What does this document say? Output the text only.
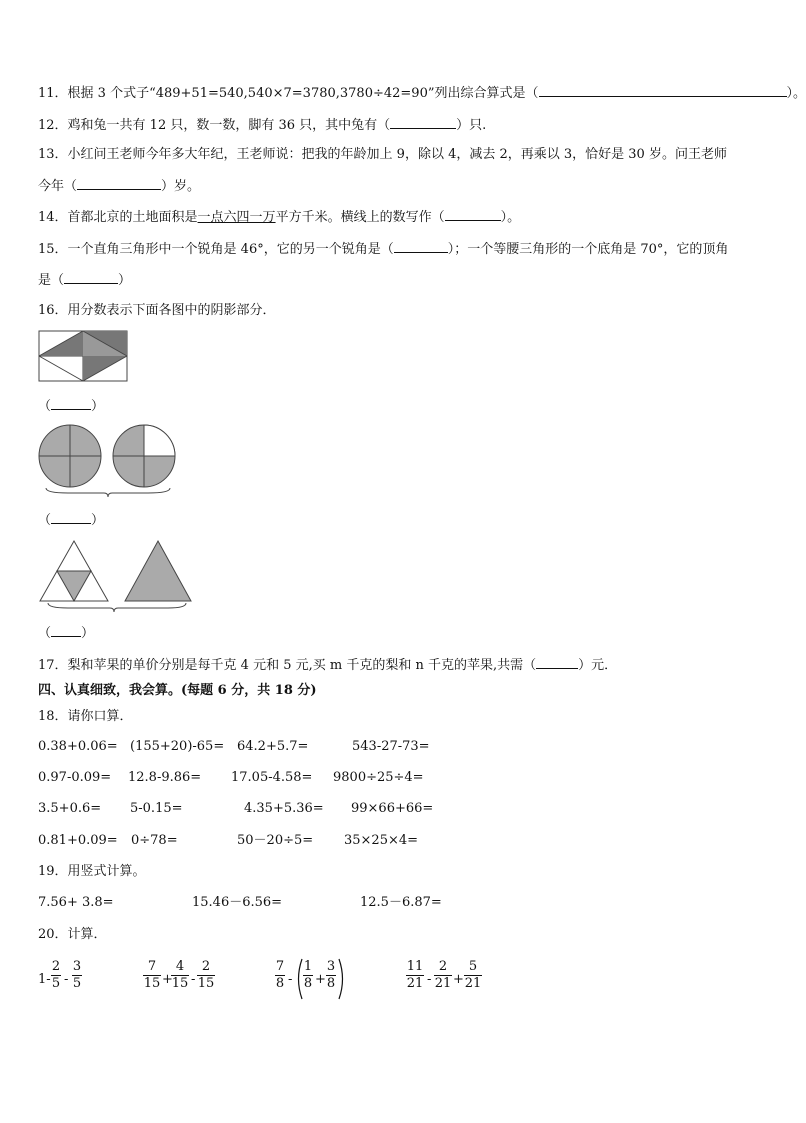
11．根据 3 个式子“489+51=540,540×7=3780,3780÷42=90”列出综合算式是（	）。
12．鸡和兔一共有 12 只，数一数，脚有 36 只，其中兔有（	）只.
13．小红问王老师今年多大年纪，王老师说：把我的年龄加上 9，除以 4，减去 2，再乘以 3，恰好是 30 岁。问王老师
今年（	）岁。
14．首都北京的土地面积是一点六四一万平方千米。横线上的数写作（	）。
15．一个直角三角形中一个锐角是 46°，它的另一个锐角是（	）；一个等腰三角形的一个底角是 70°，它的顶角
是（	）
16．用分数表示下面各图中的阴影部分．
（	）
（	）
（ ）
17．梨和苹果的单价分别是每千克 4 元和 5 元,买 m 千克的梨和 n 千克的苹果,共需（	）元．
四、认真细致，我会算。(每题 6 分，共 18 分)
18．请你口算．
0.38+0.06= (155+20)-65= 64.2+5.7=	543-27-73=
0.97-0.09= 12.8-9.86= 17.05-4.58= 9800÷25÷4=
3.5+0.6= 5-0.15=	4.35+5.36= 99×66+66=
0.81+0.09= 0÷78=	50－20÷5= 35×25×4=
19．用竖式计算。
7.56+ 3.8=	15.46－6.56=	12.5－6.87=
20．计算．
1-
2
5 -
3
5
7
15 +
4
15 -
2
15
7
8 -
1
8 +
3
8
11
21 -
2
21 +
5
21
